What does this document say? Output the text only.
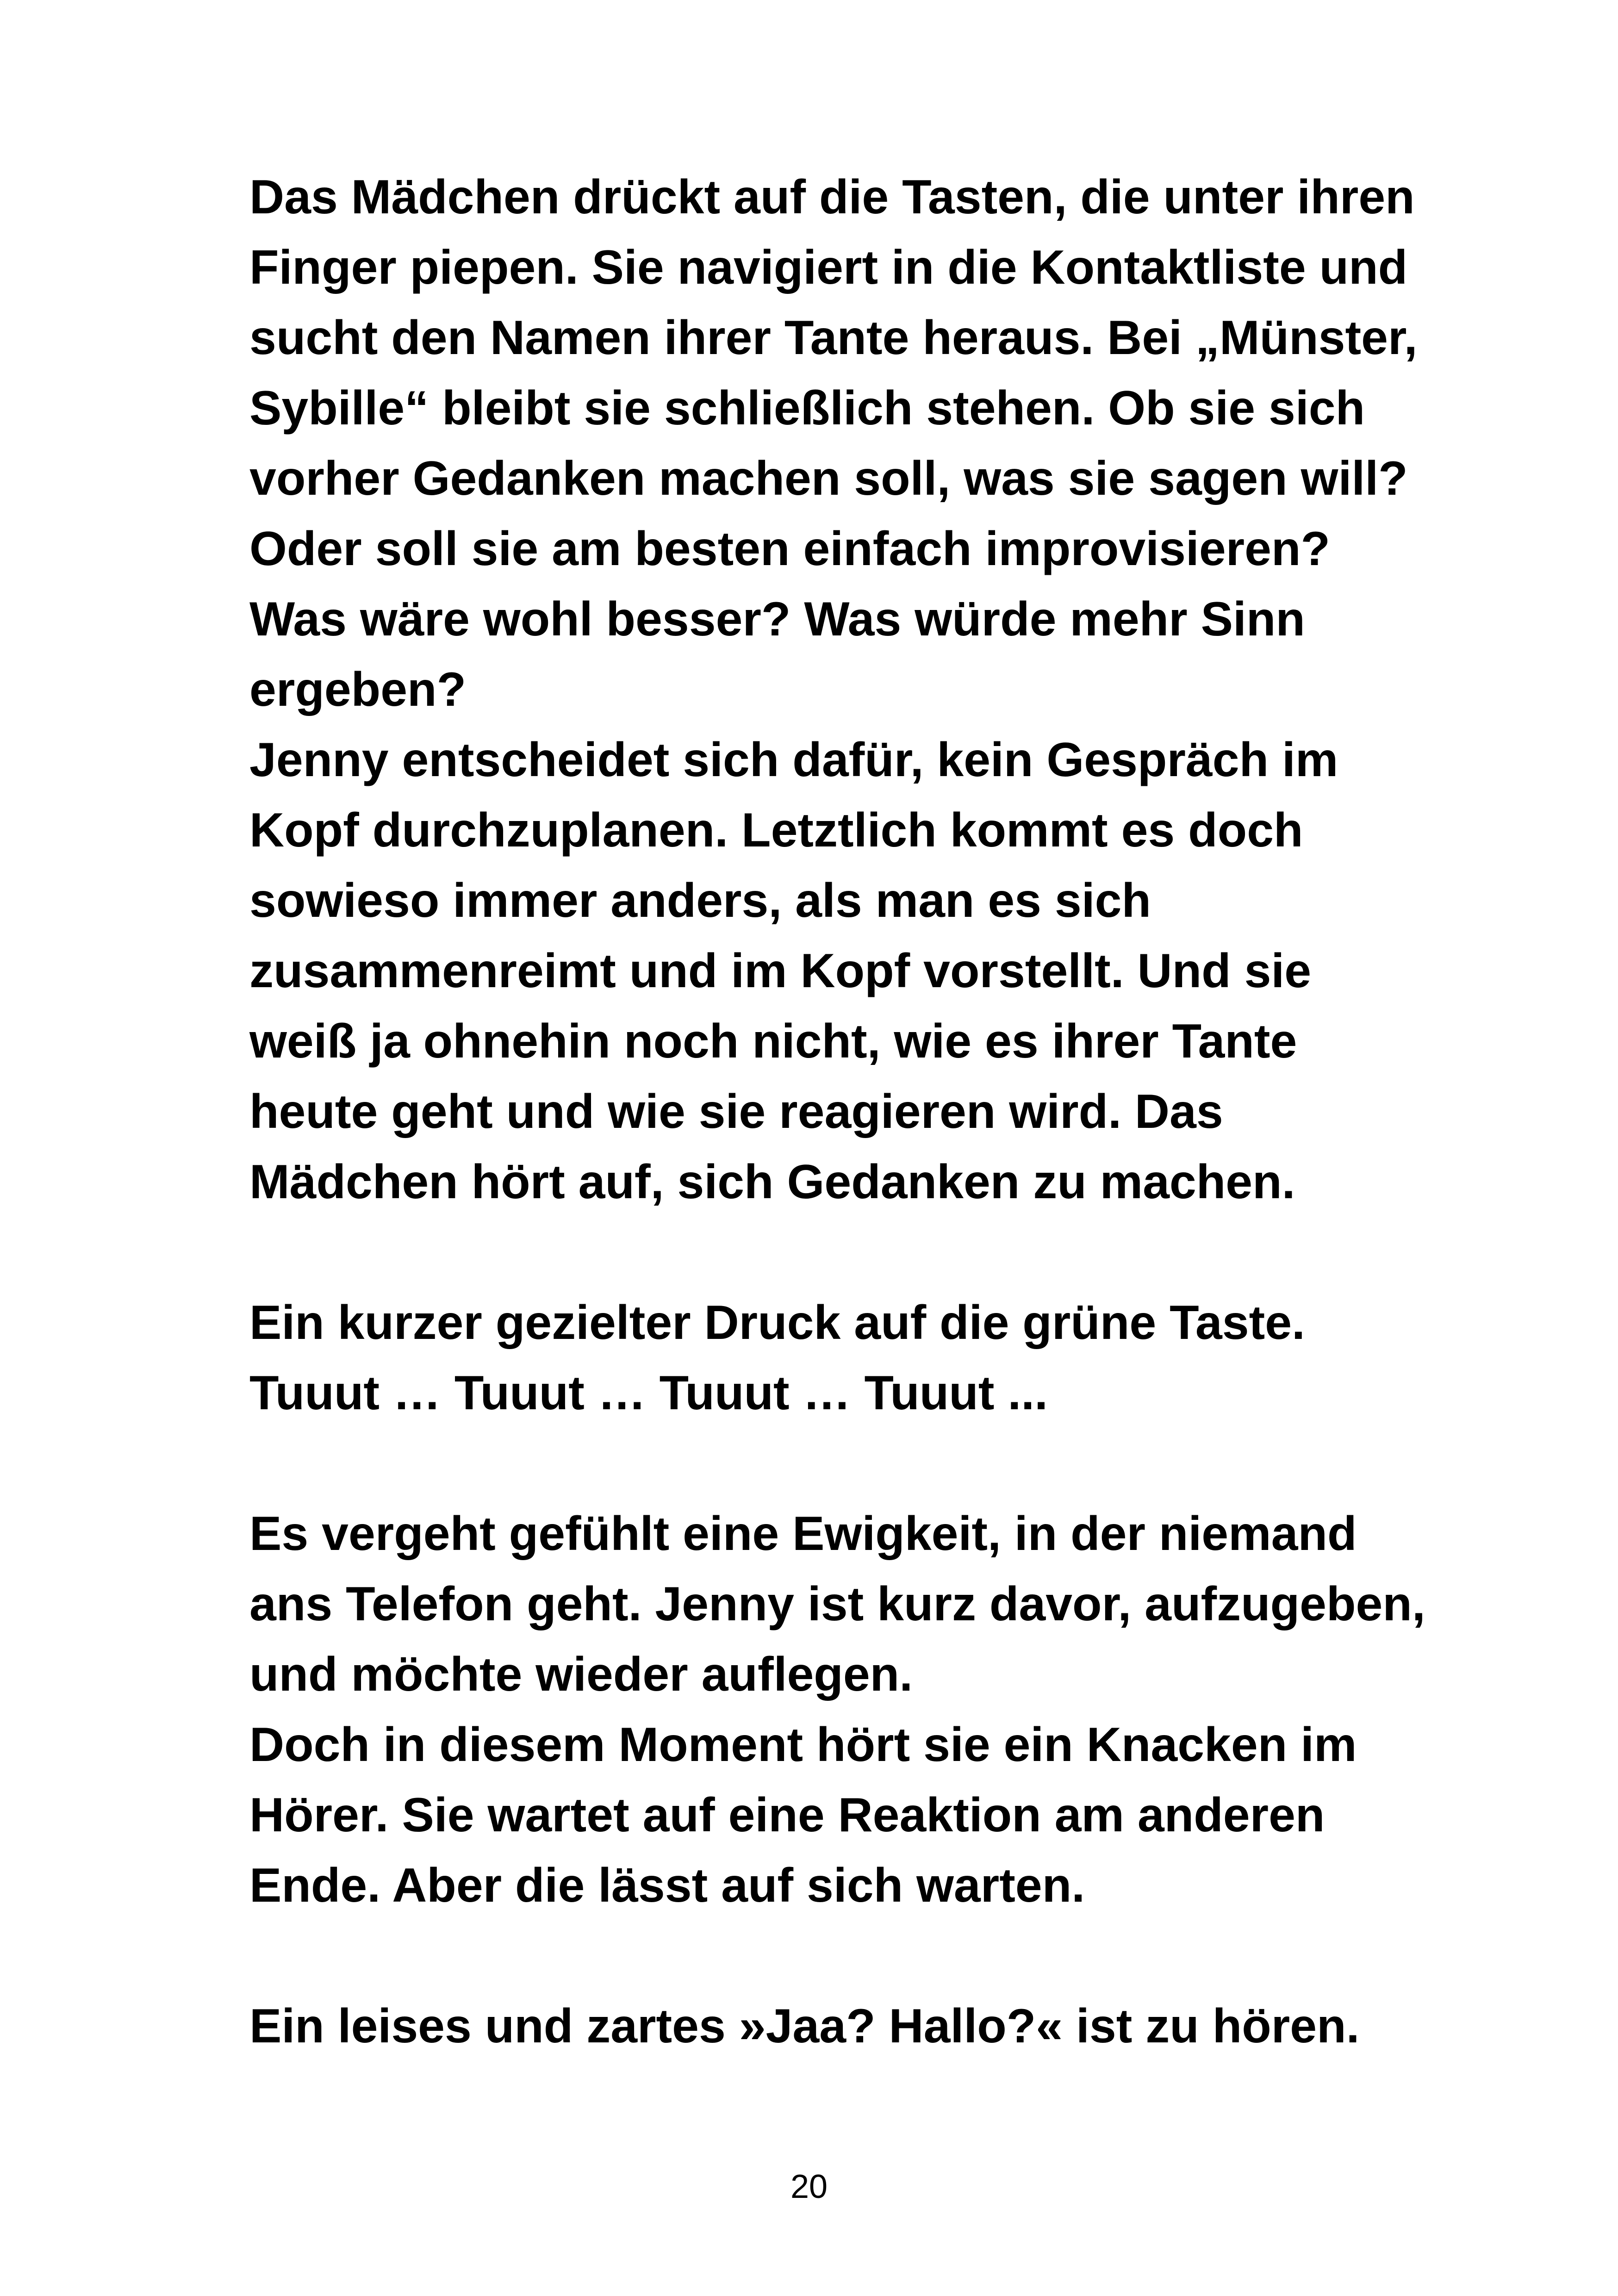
Das Mädchen drückt auf die Tasten, die unter ihren
Finger piepen. Sie navigiert in die Kontaktliste und
sucht den Namen ihrer Tante heraus. Bei „Münster,
Sybille“ bleibt sie schließlich stehen. Ob sie sich
vorher Gedanken machen soll, was sie sagen will?
Oder soll sie am besten einfach improvisieren?
Was wäre wohl besser? Was würde mehr Sinn
ergeben?
Jenny entscheidet sich dafür, kein Gespräch im
Kopf durchzuplanen. Letztlich kommt es doch
sowieso immer anders, als man es sich
zusammenreimt und im Kopf vorstellt. Und sie
weiß ja ohnehin noch nicht, wie es ihrer Tante
heute geht und wie sie reagieren wird. Das
Mädchen hört auf, sich Gedanken zu machen.
Ein kurzer gezielter Druck auf die grüne Taste.
Tuuut … Tuuut … Tuuut … Tuuut ...
Es vergeht gefühlt eine Ewigkeit, in der niemand
ans Telefon geht. Jenny ist kurz davor, aufzugeben,
und möchte wieder auflegen.
Doch in diesem Moment hört sie ein Knacken im
Hörer. Sie wartet auf eine Reaktion am anderen
Ende. Aber die lässt auf sich warten.
Ein leises und zartes »Jaa? Hallo?« ist zu hören.
20
